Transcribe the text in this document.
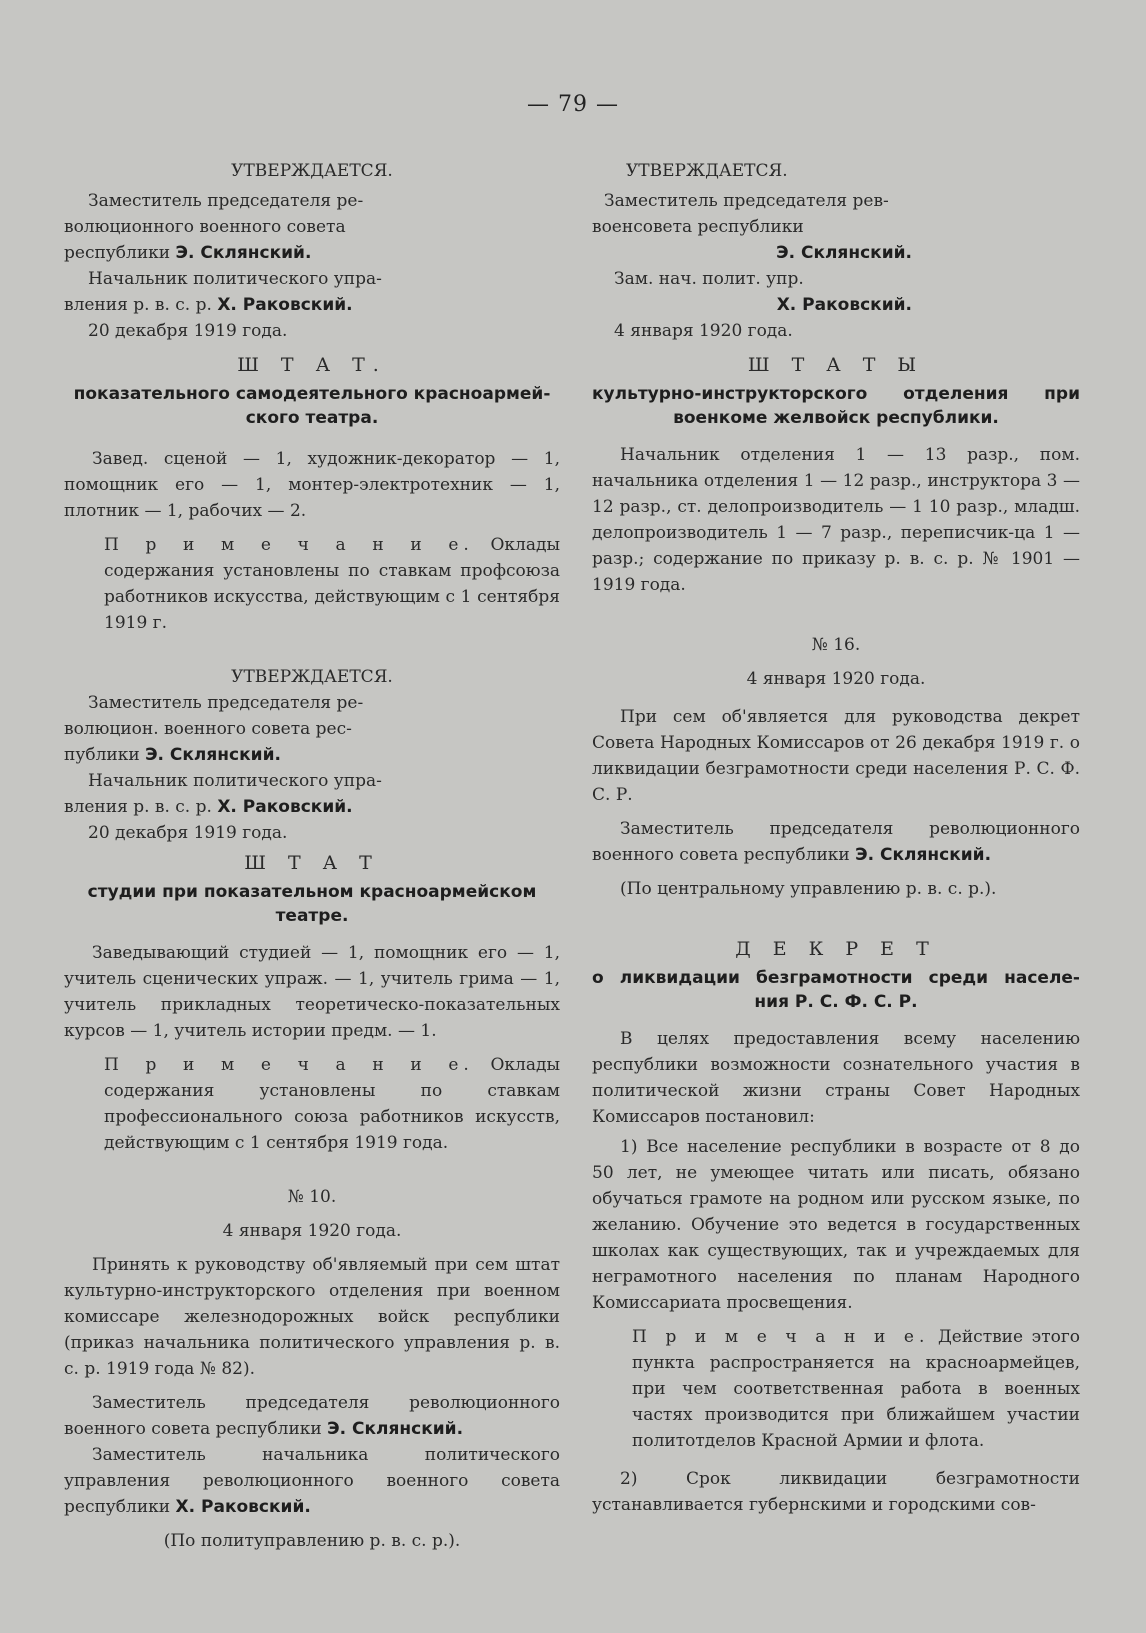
— 79 —
УТВЕРЖДАЕТСЯ.
Заместитель председателя ре-
волюционного военного совета
республики Э. Склянский.
Начальник политического упра-
вления р. в. с. р. Х. Раковский.
20 декабря 1919 года.
Ш Т А Т.
показательного самодеятельного красноармей-
ского театра.
Завед. сценой — 1, художник-декоратор — 1, помощник его — 1, монтер-электротехник — 1, плотник — 1, рабочих — 2.
П р и м е ч а н и е. Оклады содержания установлены по ставкам профсоюза работников искусства, действующим с 1 сентября 1919 г.
УТВЕРЖДАЕТСЯ.
Заместитель председателя ре-
волюцион. военного совета рес-
публики Э. Склянский.
Начальник политического упра-
вления р. в. с. р. Х. Раковский.
20 декабря 1919 года.
Ш Т А Т
студии при показательном красноармейском
театре.
Заведывающий студией — 1, помощник его — 1, учитель сценических упраж. — 1, учитель грима — 1, учитель прикладных теоретическо-показательных курсов — 1, учитель истории предм. — 1.
П р и м е ч а н и е. Оклады содержания установлены по ставкам профессионального союза работников искусств, действующим с 1 сентября 1919 года.
№ 10.
4 января 1920 года.
Принять к руководству об'являемый при сем штат культурно-инструкторского отделения при военном комиссаре железнодорожных войск республики (приказ начальника политического управления р. в. с. р. 1919 года № 82).
Заместитель председателя революционного военного совета республики Э. Склянский.
Заместитель начальника политического управления революционного военного совета республики Х. Раковский.
(По политуправлению р. в. с. р.).
УТВЕРЖДАЕТСЯ.
Заместитель председателя рев-
военсовета республики
Э. Склянский.
Зам. нач. полит. упр.
Х. Раковский.
4 января 1920 года.
Ш Т А Т Ы
культурно-инструкторского отделения при
военкоме желвойск республики.
Начальник отделения 1 — 13 разр., пом. начальника отделения 1 — 12 разр., инструктора 3 — 12 разр., ст. делопроизводитель — 1 10 разр., младш. делопроизводитель 1 — 7 разр., переписчик-ца 1 — разр.; содержание по приказу р. в. с. р. № 1901 — 1919 года.
№ 16.
4 января 1920 года.
При сем об'является для руководства декрет Совета Народных Комиссаров от 26 декабря 1919 г. о ликвидации безграмотности среди населения Р. С. Ф. С. Р.
Заместитель председателя революционного военного совета республики Э. Склянский.
(По центральному управлению р. в. с. р.).
Д Е К Р Е Т
о ликвидации безграмотности среди населе-
ния Р. С. Ф. С. Р.
В целях предоставления всему населению республики возможности сознательного участия в политической жизни страны Совет Народных Комиссаров постановил:
1) Все население республики в возрасте от 8 до 50 лет, не умеющее читать или писать, обязано обучаться грамоте на родном или русском языке, по желанию. Обучение это ведется в государственных школах как существующих, так и учреждаемых для неграмотного населения по планам Народного Комиссариата просвещения.
П р и м е ч а н и е. Действие этого пункта распространяется на красноармейцев, при чем соответственная работа в военных частях производится при ближайшем участии политотделов Красной Армии и флота.
2) Срок ликвидации безграмотности устанавливается губернскими и городскими сов-
